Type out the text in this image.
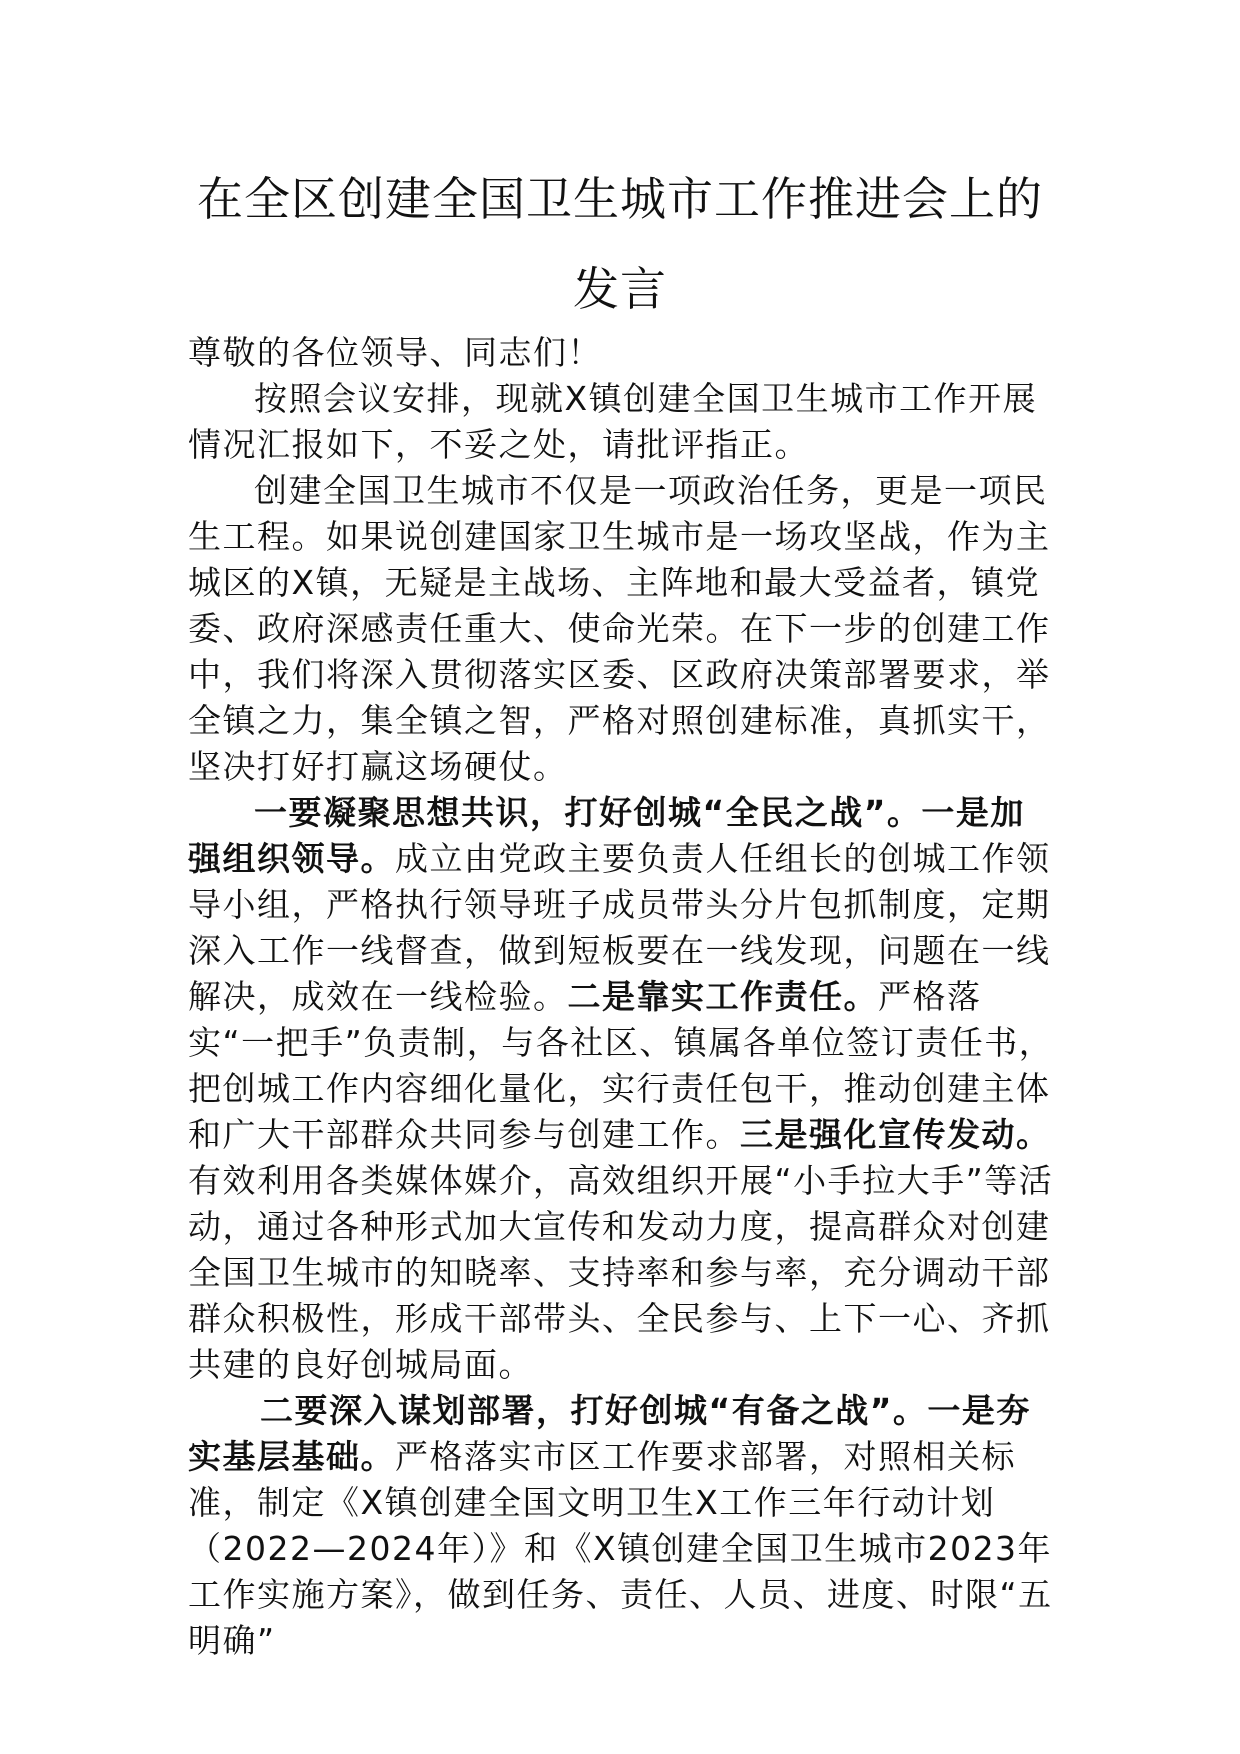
在全区创建全国卫生城市工作推进会上的
发言

尊敬的各位领导、同志们！

按照会议安排，现就X镇创建全国卫生城市工作开展情况汇报如下，不妥之处，请批评指正。

创建全国卫生城市不仅是一项政治任务，更是一项民生工程。如果说创建国家卫生城市是一场攻坚战，作为主城区的X镇，无疑是主战场、主阵地和最大受益者，镇党委、政府深感责任重大、使命光荣。在下一步的创建工作中，我们将深入贯彻落实区委、区政府决策部署要求，举全镇之力，集全镇之智，严格对照创建标准，真抓实干，坚决打好打赢这场硬仗。

一要凝聚思想共识，打好创城“全民之战”。一是加强组织领导。成立由党政主要负责人任组长的创城工作领导小组，严格执行领导班子成员带头分片包抓制度，定期深入工作一线督查，做到短板要在一线发现，问题在一线解决，成效在一线检验。二是靠实工作责任。严格落实“一把手”负责制，与各社区、镇属各单位签订责任书，把创城工作内容细化量化，实行责任包干，推动创建主体和广大干部群众共同参与创建工作。三是强化宣传发动。有效利用各类媒体媒介，高效组织开展“小手拉大手”等活动，通过各种形式加大宣传和发动力度，提高群众对创建全国卫生城市的知晓率、支持率和参与率，充分调动干部群众积极性，形成干部带头、全民参与、上下一心、齐抓共建的良好创城局面。

二要深入谋划部署，打好创城“有备之战”。一是夯实基层基础。严格落实市区工作要求部署，对照相关标准，制定《X镇创建全国文明卫生X工作三年行动计划（2022—2024年）》和《X镇创建全国卫生城市2023年工作实施方案》，做到任务、责任、人员、进度、时限“五明确”
